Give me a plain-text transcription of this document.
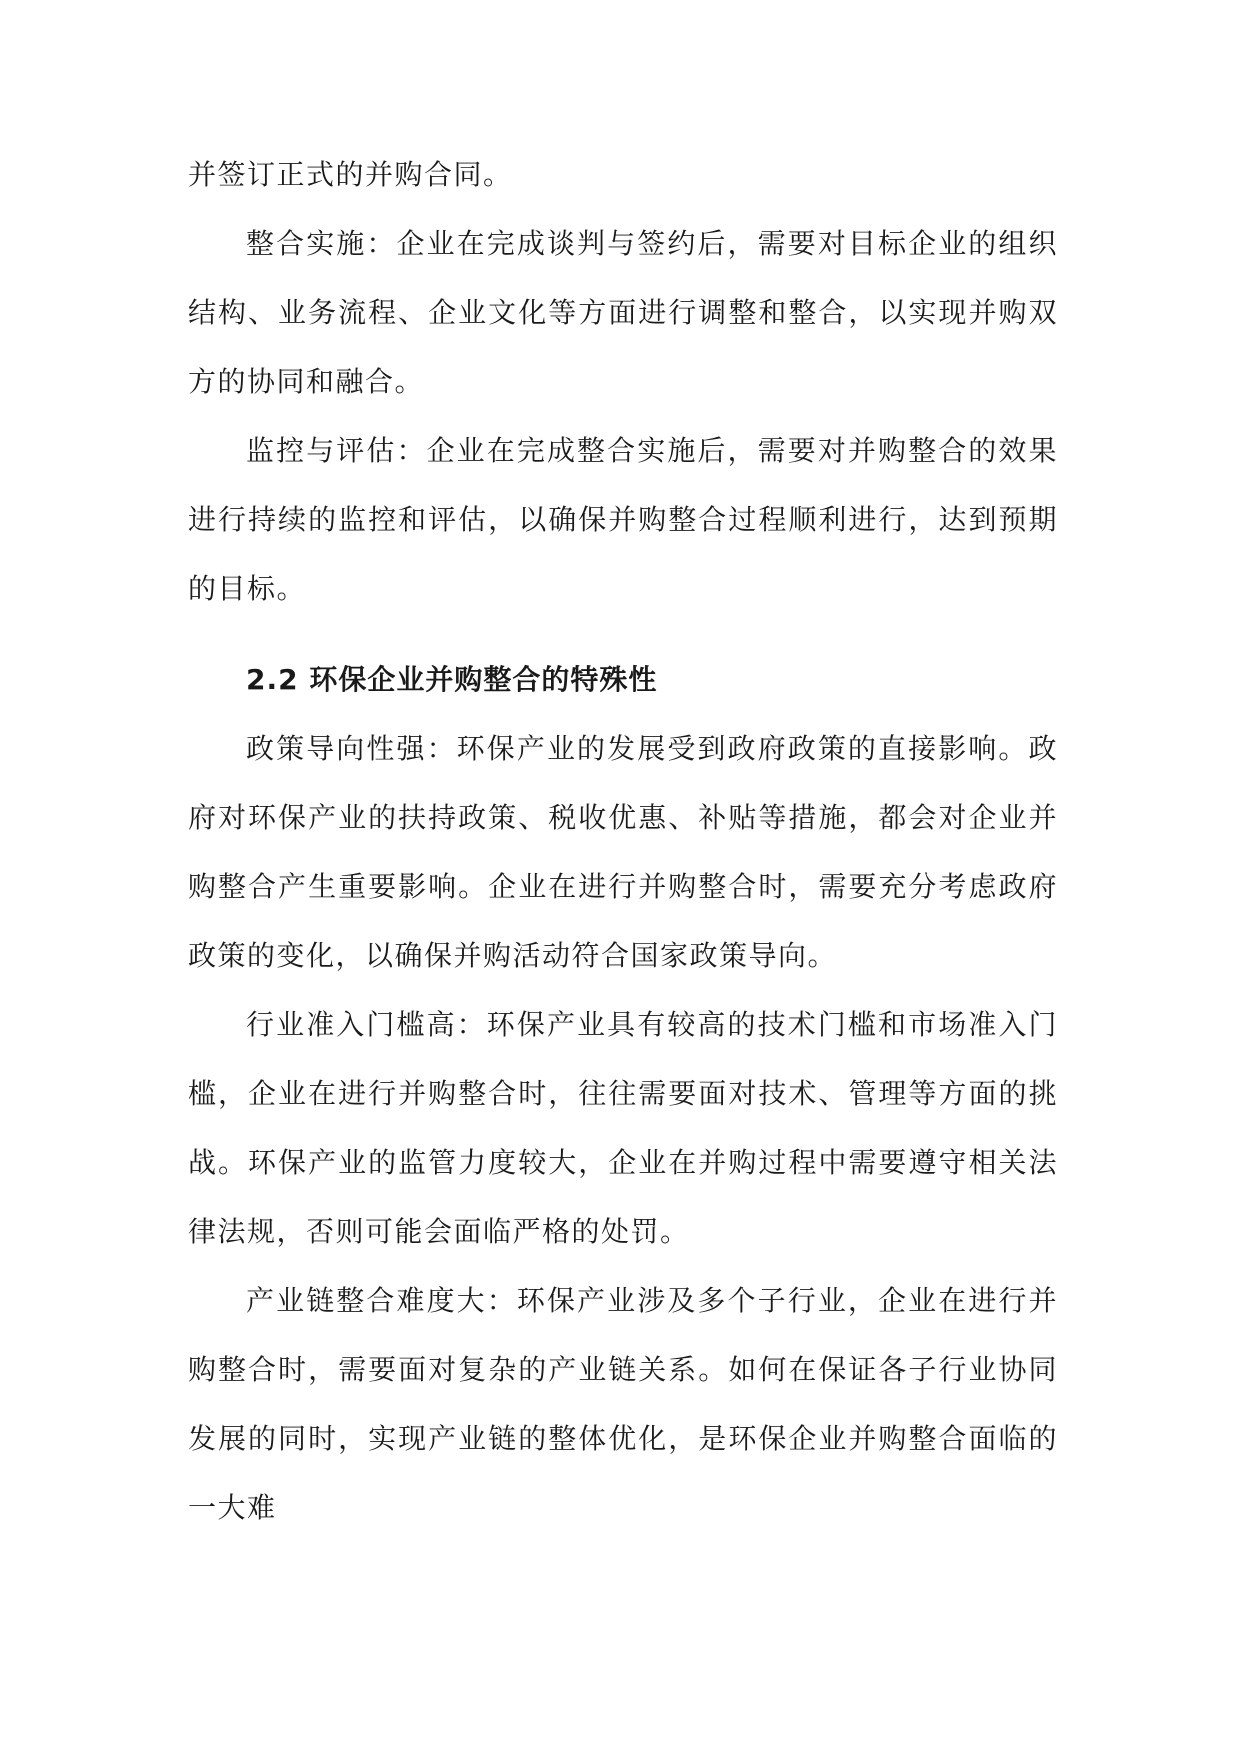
并签订正式的并购合同。

整合实施：企业在完成谈判与签约后，需要对目标企业的组织结构、业务流程、企业文化等方面进行调整和整合，以实现并购双方的协同和融合。

监控与评估：企业在完成整合实施后，需要对并购整合的效果进行持续的监控和评估，以确保并购整合过程顺利进行，达到预期的目标。

2.2 环保企业并购整合的特殊性

政策导向性强：环保产业的发展受到政府政策的直接影响。政府对环保产业的扶持政策、税收优惠、补贴等措施，都会对企业并购整合产生重要影响。企业在进行并购整合时，需要充分考虑政府政策的变化，以确保并购活动符合国家政策导向。

行业准入门槛高：环保产业具有较高的技术门槛和市场准入门槛，企业在进行并购整合时，往往需要面对技术、管理等方面的挑战。环保产业的监管力度较大，企业在并购过程中需要遵守相关法律法规，否则可能会面临严格的处罚。

产业链整合难度大：环保产业涉及多个子行业，企业在进行并购整合时，需要面对复杂的产业链关系。如何在保证各子行业协同发展的同时，实现产业链的整体优化，是环保企业并购整合面临的一大难
